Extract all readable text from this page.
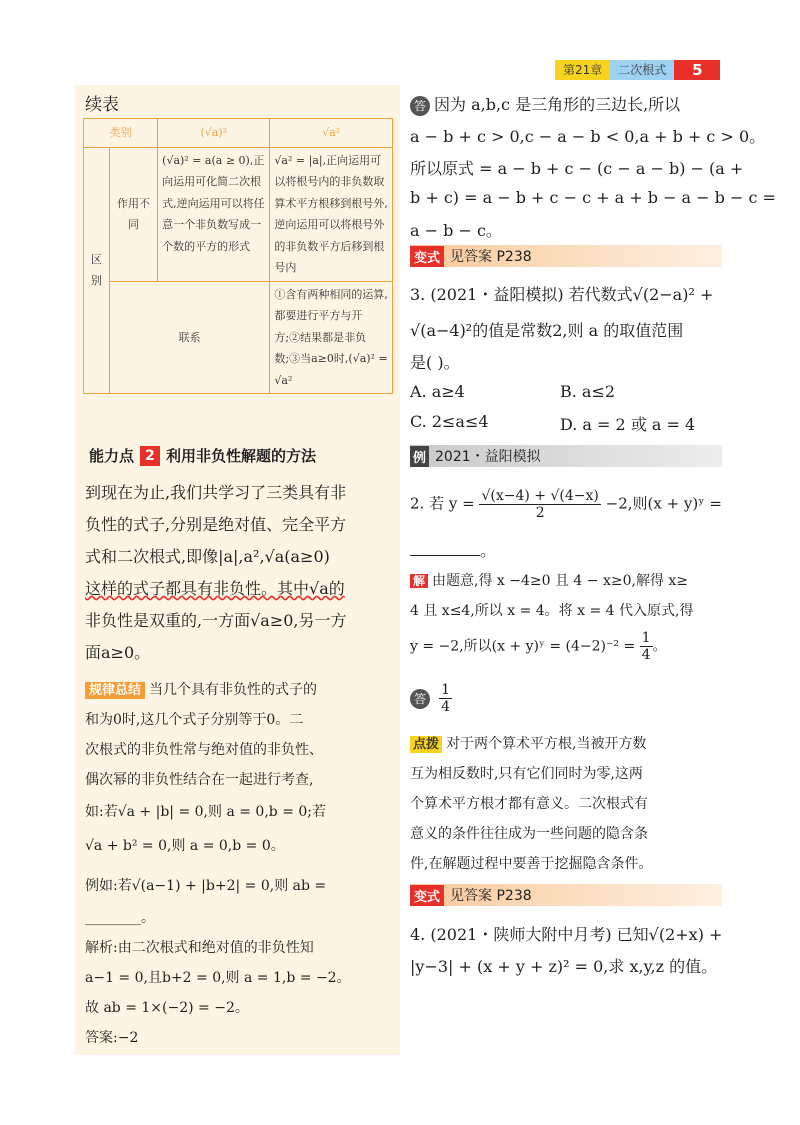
第21章	二次根式	5
续表
类别		(√a)²	√a²
区别	作用不同	(√a)² = a(a ≥ 0),正向运用可化简二次根式,逆向运用可以将任意一个非负数写成一个数的平方的形式	√a² = |a|,正向运用可以将根号内的非负数取算术平方根移到根号外,逆向运用可以将根号外的非负数平方后移到根号内
	联系		①含有两种相同的运算,都要进行平方与开方;②结果都是非负数;③当a≥0时,(√a)² = √a²
能力点 2 利用非负性解题的方法
到现在为止,我们共学习了三类具有非
负性的式子,分别是绝对值、完全平方
式和二次根式,即像|a|,a²,√a(a≥0)
这样的式子都具有非负性。其中√a的
非负性是双重的,一方面√a≥0,另一方
面a≥0。
规律总结 当几个具有非负性的式子的
和为0时,这几个式子分别等于0。二
次根式的非负性常与绝对值的非负性、
偶次幂的非负性结合在一起进行考查,
如:若√a + |b| = 0,则 a = 0,b = 0;若
√a + b² = 0,则 a = 0,b = 0。
例如:若√(a−1) + |b+2| = 0,则 ab =
________。
解析:由二次根式和绝对值的非负性知
a−1 = 0,且b+2 = 0,则 a = 1,b = −2。
故 ab = 1×(−2) = −2。
答案:−2
答 因为 a,b,c 是三角形的三边长,所以
a − b + c > 0,c − a − b < 0,a + b + c > 0。
所以原式 = a − b + c − (c − a − b) − (a +
b + c) = a − b + c − c + a + b − a − b − c =
a − b − c。
变式 见答案 P238
3. (2021・益阳模拟) 若代数式√(2−a)² +
√(a−4)²的值是常数2,则 a 的取值范围
是( )。
A. a≥4	B. a≤2
C. 2≤a≤4	D. a = 2 或 a = 4
例 2021・益阳模拟
2. 若 $y = \frac{√(x-4) + √(4-x)}{2} -2$,则(x + y)ʸ =
。
解 由题意,得 x −4≥0 且 4 − x≥0,解得 x≥
4 且 x≤4,所以 x = 4。将 x = 4 代入原式,得
y = −2,所以(x + y)ʸ = $(4-2)^{-2} = \frac{1}{4}$ 。
答 $\frac{1}{4}$
点拨 对于两个算术平方根,当被开方数
互为相反数时,只有它们同时为零,这两
个算术平方根才都有意义。二次根式有
意义的条件往往成为一些问题的隐含条
件,在解题过程中要善于挖掘隐含条件。
变式 见答案 P238
4. (2021・陕师大附中月考) 已知√(2+x) +
|y−3| + (x + y + z)² = 0,求 x,y,z 的值。
